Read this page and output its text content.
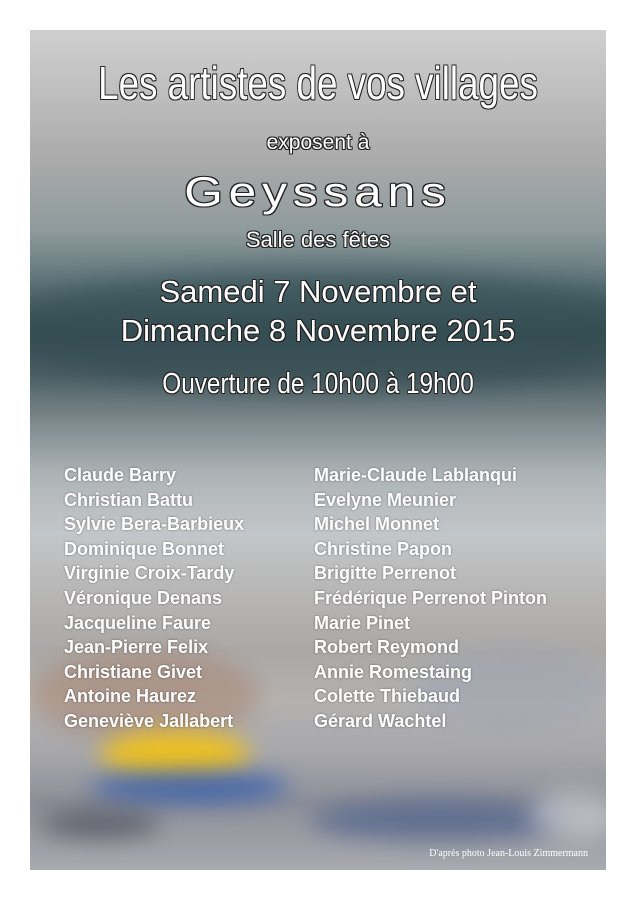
Les artistes de vos villages
exposent à
Geyssans
Salle des fêtes
Samedi 7 Novembre et
Dimanche 8 Novembre 2015
Ouverture de 10h00 à 19h00
Claude Barry
Christian Battu
Sylvie Bera-Barbieux
Dominique Bonnet
Virginie Croix-Tardy
Véronique Denans
Jacqueline Faure
Jean-Pierre Felix
Christiane Givet
Antoine Haurez
Geneviève Jallabert
Marie-Claude Lablanqui
Evelyne Meunier
Michel Monnet
Christine Papon
Brigitte Perrenot
Frédérique Perrenot Pinton
Marie Pinet
Robert Reymond
Annie Romestaing
Colette Thiebaud
Gérard Wachtel
D'après photo Jean-Louis Zimmermann
